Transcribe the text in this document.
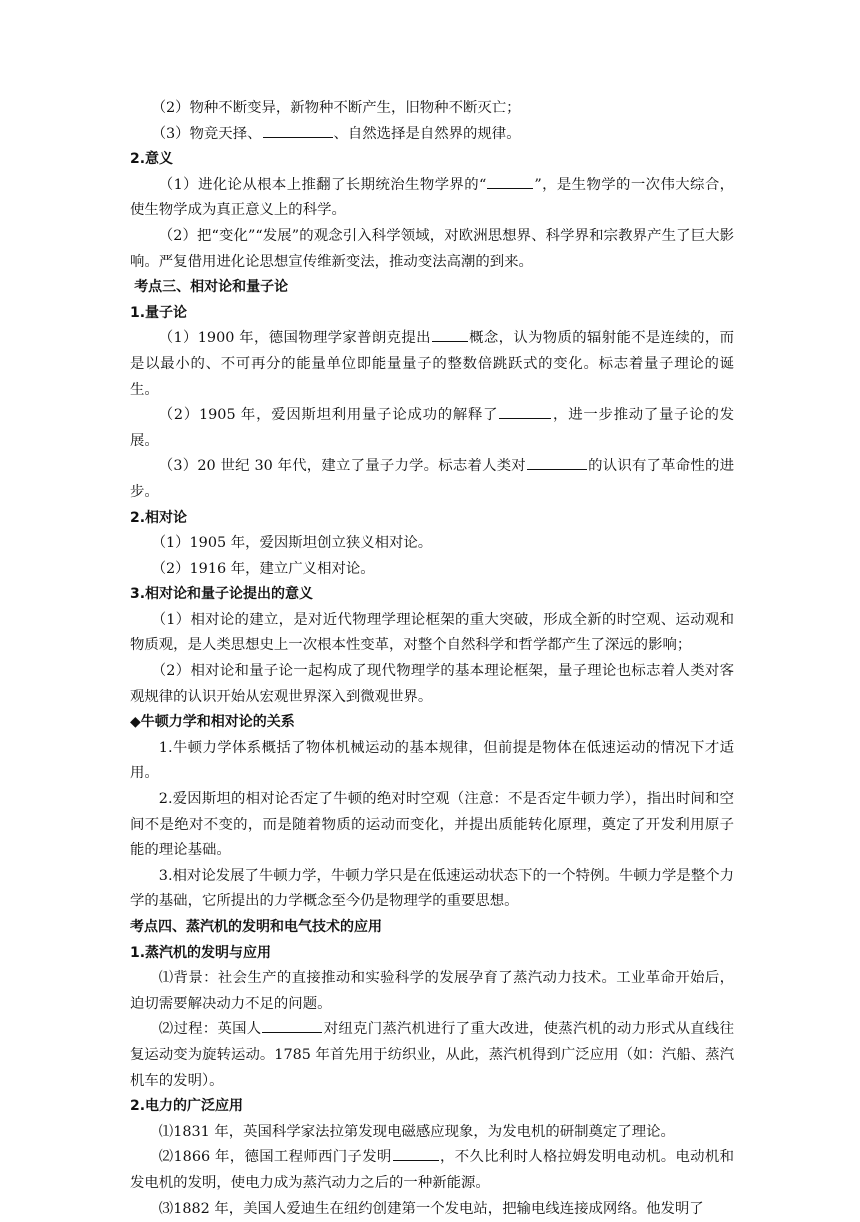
（2）物种不断变异，新物种不断产生，旧物种不断灭亡；

（3）物竞天择、	、自然选择是自然界的规律。

2.意义

（1）进化论从根本上推翻了长期统治生物学界的“	”，是生物学的一次伟大综合，使生物学成为真正意义上的科学。

（2）把“变化”“发展”的观念引入科学领域，对欧洲思想界、科学界和宗教界产生了巨大影响。严复借用进化论思想宣传维新变法，推动变法高潮的到来。

考点三、相对论和量子论

1.量子论

（1）1900 年，德国物理学家普朗克提出	概念，认为物质的辐射能不是连续的，而是以最小的、不可再分的能量单位即能量量子的整数倍跳跃式的变化。标志着量子理论的诞生。

（2）1905 年，爱因斯坦利用量子论成功的解释了	，进一步推动了量子论的发展。

（3）20 世纪 30 年代，建立了量子力学。标志着人类对	的认识有了革命性的进步。

2.相对论

（1）1905 年，爱因斯坦创立狭义相对论。

（2）1916 年，建立广义相对论。

3.相对论和量子论提出的意义

（1）相对论的建立，是对近代物理学理论框架的重大突破，形成全新的时空观、运动观和物质观，是人类思想史上一次根本性变革，对整个自然科学和哲学都产生了深远的影响；

（2）相对论和量子论一起构成了现代物理学的基本理论框架，量子理论也标志着人类对客观规律的认识开始从宏观世界深入到微观世界。

◆牛顿力学和相对论的关系

1.牛顿力学体系概括了物体机械运动的基本规律，但前提是物体在低速运动的情况下才适用。

2.爱因斯坦的相对论否定了牛顿的绝对时空观（注意：不是否定牛顿力学），指出时间和空间不是绝对不变的，而是随着物质的运动而变化，并提出质能转化原理，奠定了开发利用原子能的理论基础。

3.相对论发展了牛顿力学，牛顿力学只是在低速运动状态下的一个特例。牛顿力学是整个力学的基础，它所提出的力学概念至今仍是物理学的重要思想。

考点四、蒸汽机的发明和电气技术的应用

1.蒸汽机的发明与应用

⑴背景：社会生产的直接推动和实验科学的发展孕育了蒸汽动力技术。工业革命开始后，迫切需要解决动力不足的问题。

⑵过程：英国人	对纽克门蒸汽机进行了重大改进，使蒸汽机的动力形式从直线往复运动变为旋转运动。1785 年首先用于纺织业，从此，蒸汽机得到广泛应用（如：汽船、蒸汽机车的发明）。

2.电力的广泛应用

⑴1831 年，英国科学家法拉第发现电磁感应现象，为发电机的研制奠定了理论。

⑵1866 年，德国工程师西门子发明	，不久比利时人格拉姆发明电动机。电动机和发电机的发明，使电力成为蒸汽动力之后的一种新能源。

⑶1882 年，美国人爱迪生在纽约创建第一个发电站，把输电线连接成网络。他发明了
